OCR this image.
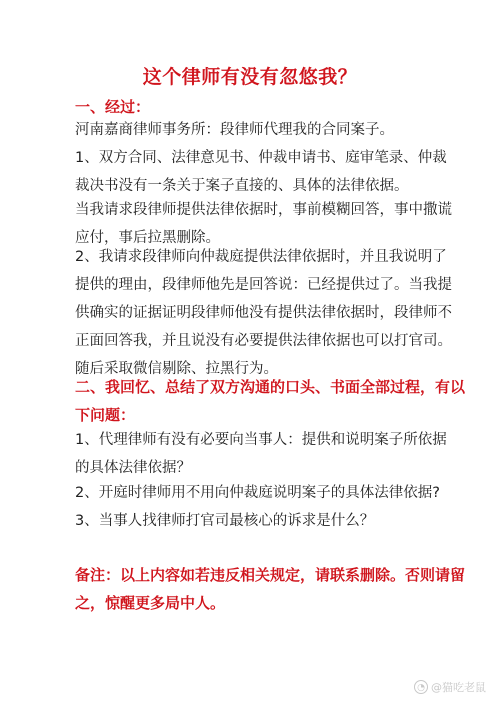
这个律师有没有忽悠我？
一、经过：
河南嘉商律师事务所：段律师代理我的合同案子。
1、双方合同、法律意见书、仲裁申请书、庭审笔录、仲裁
裁决书没有一条关于案子直接的、具体的法律依据。
当我请求段律师提供法律依据时，事前模糊回答，事中撒谎
应付，事后拉黑删除。
2、我请求段律师向仲裁庭提供法律依据时，并且我说明了
提供的理由，段律师他先是回答说：已经提供过了。当我提
供确实的证据证明段律师他没有提供法律依据时，段律师不
正面回答我，并且说没有必要提供法律依据也可以打官司。
随后采取微信剔除、拉黑行为。
二、我回忆、总结了双方沟通的口头、书面全部过程，有以
下问题：
1、代理律师有没有必要向当事人：提供和说明案子所依据
的具体法律依据？
2、开庭时律师用不用向仲裁庭说明案子的具体法律依据?
3、当事人找律师打官司最核心的诉求是什么？
备注：以上内容如若违反相关规定，请联系删除。否则请留
之，惊醒更多局中人。
◔ @猫吃老鼠
